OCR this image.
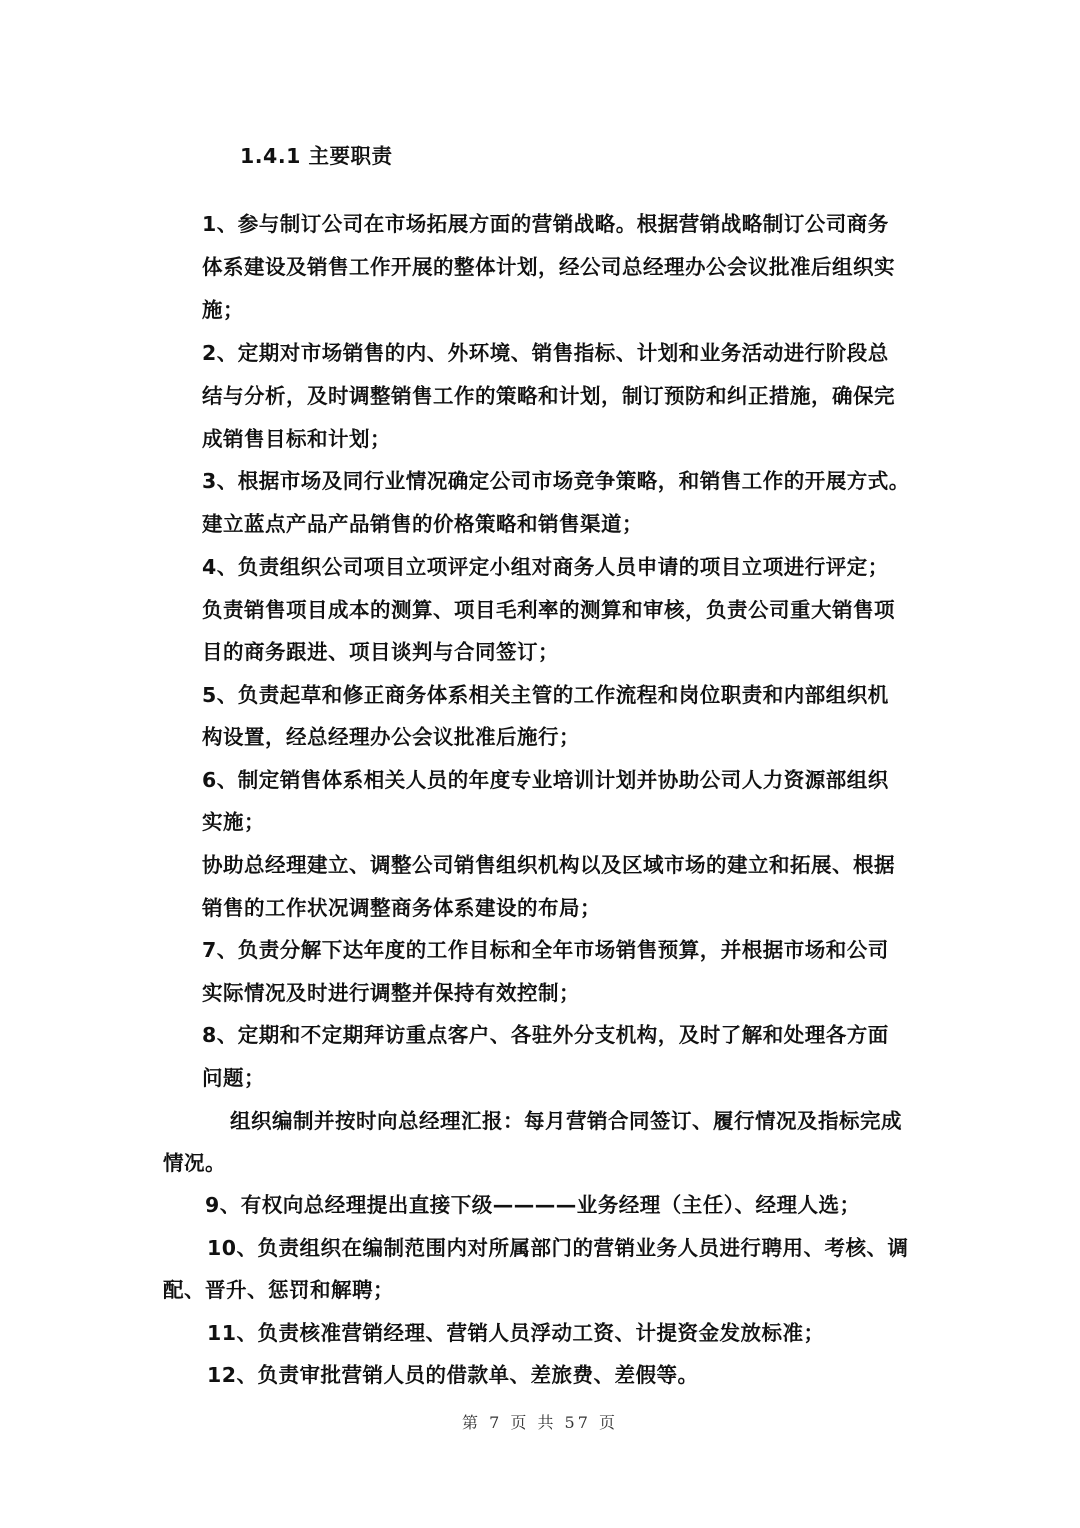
1.4.1 主要职责
1、参与制订公司在市场拓展方面的营销战略。根据营销战略制订公司商务
体系建设及销售工作开展的整体计划，经公司总经理办公会议批准后组织实
施；
2、定期对市场销售的内、外环境、销售指标、计划和业务活动进行阶段总
结与分析，及时调整销售工作的策略和计划，制订预防和纠正措施，确保完
成销售目标和计划；
3、根据市场及同行业情况确定公司市场竞争策略，和销售工作的开展方式。
建立蓝点产品产品销售的价格策略和销售渠道；
4、负责组织公司项目立项评定小组对商务人员申请的项目立项进行评定；
负责销售项目成本的测算、项目毛利率的测算和审核，负责公司重大销售项
目的商务跟进、项目谈判与合同签订；
5、负责起草和修正商务体系相关主管的工作流程和岗位职责和内部组织机
构设置，经总经理办公会议批准后施行；
6、制定销售体系相关人员的年度专业培训计划并协助公司人力资源部组织
实施；
协助总经理建立、调整公司销售组织机构以及区域市场的建立和拓展、根据
销售的工作状况调整商务体系建设的布局；
7、负责分解下达年度的工作目标和全年市场销售预算，并根据市场和公司
实际情况及时进行调整并保持有效控制；
8、定期和不定期拜访重点客户、各驻外分支机构，及时了解和处理各方面
问题；
组织编制并按时向总经理汇报：每月营销合同签订、履行情况及指标完成
情况。
9、有权向总经理提出直接下级————业务经理（主任）、经理人选；
10、负责组织在编制范围内对所属部门的营销业务人员进行聘用、考核、调
配、晋升、惩罚和解聘；
11、负责核准营销经理、营销人员浮动工资、计提资金发放标准；
12、负责审批营销人员的借款单、差旅费、差假等。
第 7 页 共 57 页
